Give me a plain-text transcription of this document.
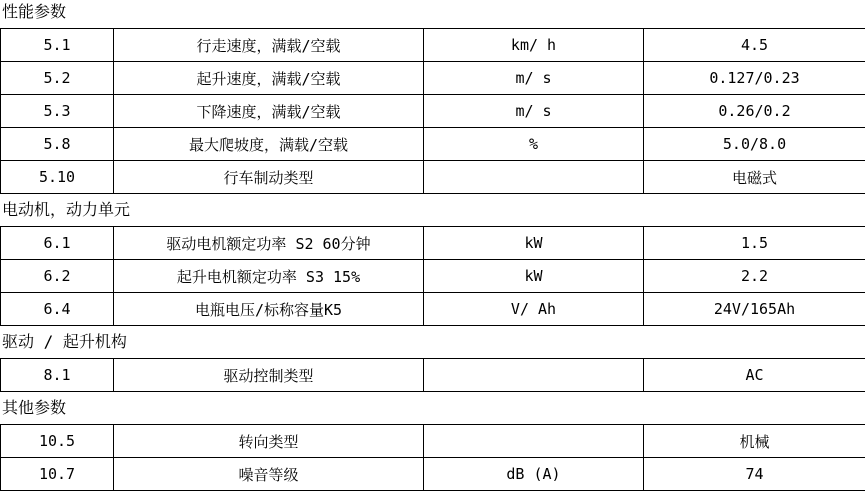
性能参数
5.1	行走速度，满载/空载	km/ h	4.5
5.2	起升速度，满载/空载	m/ s	0.127/0.23
5.3	下降速度，满载/空载	m/ s	0.26/0.2
5.8	最大爬坡度，满载/空载	%	5.0/8.0
5.10	行车制动类型		电磁式
电动机，动力单元
6.1	驱动电机额定功率 S2 60分钟	kW	1.5
6.2	起升电机额定功率 S3 15%	kW	2.2
6.4	电瓶电压/标称容量K5	V/ Ah	24V/165Ah
驱动 / 起升机构
8.1	驱动控制类型		AC
其他参数
10.5	转向类型		机械
10.7	噪音等级	dB (A)	74
